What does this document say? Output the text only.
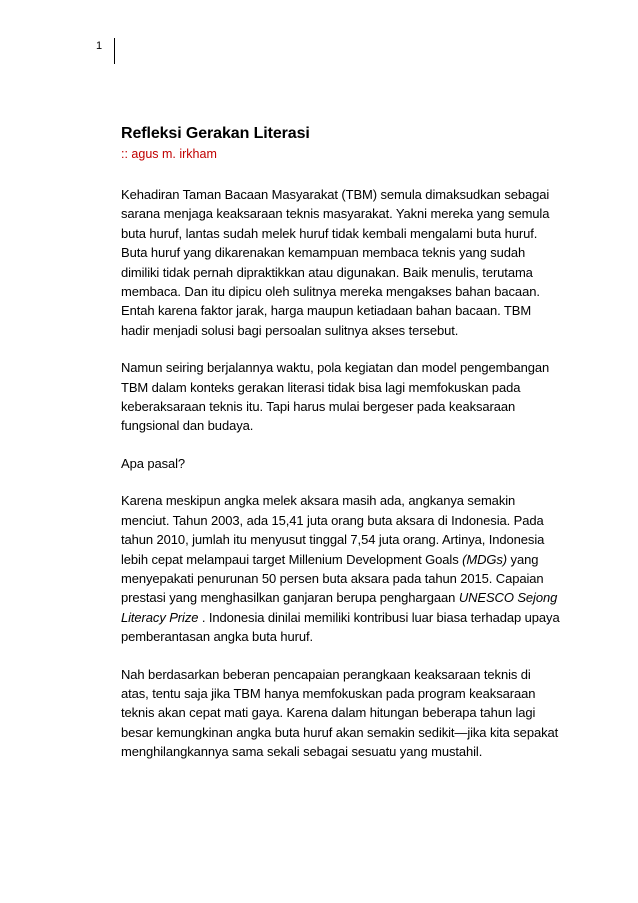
1
Refleksi Gerakan Literasi

:: agus m. irkham

Kehadiran Taman Bacaan Masyarakat (TBM) semula dimaksudkan sebagai sarana menjaga keaksaraan teknis masyarakat. Yakni mereka yang semula buta huruf, lantas sudah melek huruf tidak kembali mengalami buta huruf. Buta huruf yang dikarenakan kemampuan membaca teknis yang sudah dimiliki tidak pernah dipraktikkan atau digunakan. Baik menulis, terutama membaca. Dan itu dipicu oleh sulitnya mereka mengakses bahan bacaan. Entah karena faktor jarak, harga maupun ketiadaan bahan bacaan. TBM hadir menjadi solusi bagi persoalan sulitnya akses tersebut.

Namun seiring berjalannya waktu, pola kegiatan dan model pengembangan TBM dalam konteks gerakan literasi tidak bisa lagi memfokuskan pada keberaksaraan teknis itu. Tapi harus mulai bergeser pada keaksaraan fungsional dan budaya.

Apa pasal?

Karena meskipun angka melek aksara masih ada, angkanya semakin menciut. Tahun 2003, ada 15,41 juta orang buta aksara di Indonesia. Pada tahun 2010, jumlah itu menyusut tinggal 7,54 juta orang. Artinya, Indonesia lebih cepat melampaui target Millenium Development Goals (MDGs) yang menyepakati penurunan 50 persen buta aksara pada tahun 2015. Capaian prestasi yang menghasilkan ganjaran berupa penghargaan UNESCO Sejong Literacy Prize . Indonesia dinilai memiliki kontribusi luar biasa terhadap upaya pemberantasan angka buta huruf.

Nah berdasarkan beberan pencapaian perangkaan keaksaraan teknis di atas, tentu saja jika TBM hanya memfokuskan pada program keaksaraan teknis akan cepat mati gaya. Karena dalam hitungan beberapa tahun lagi besar kemungkinan angka buta huruf akan semakin sedikit—jika kita sepakat menghilangkannya sama sekali sebagai sesuatu yang mustahil.
